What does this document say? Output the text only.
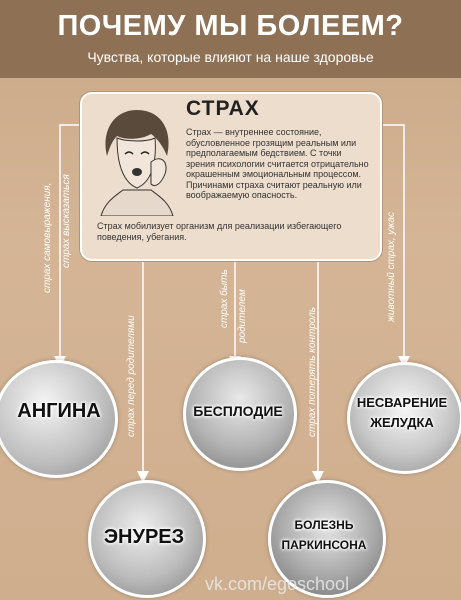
ПОЧЕМУ МЫ БОЛЕЕМ?
Чувства, которые влияют на наше здоровье
страх самовыражения, страх высказаться
страх перед родителями
страх быть родителем	страх потерять контроль
животный страх, ужас
СТРАХ

Страх — внутреннее состояние, обусловленное грозящим реальным или предполагаемым бедствием. С точки зрения психологии считается отрицательно окрашенным эмоциональным процессом. Причинами страха считают реальную или воображаемую опасность.

Страх мобилизует организм для реализации избегающего поведения, убегания.

АНГИНА	БЕСПЛОДИЕ
НЕСВАРЕНИЕ
ЖЕЛУДКА
ЭНУРЕЗ
БОЛЕЗНЬ
ПАРКИНСОНА
vk.com/egoschool
